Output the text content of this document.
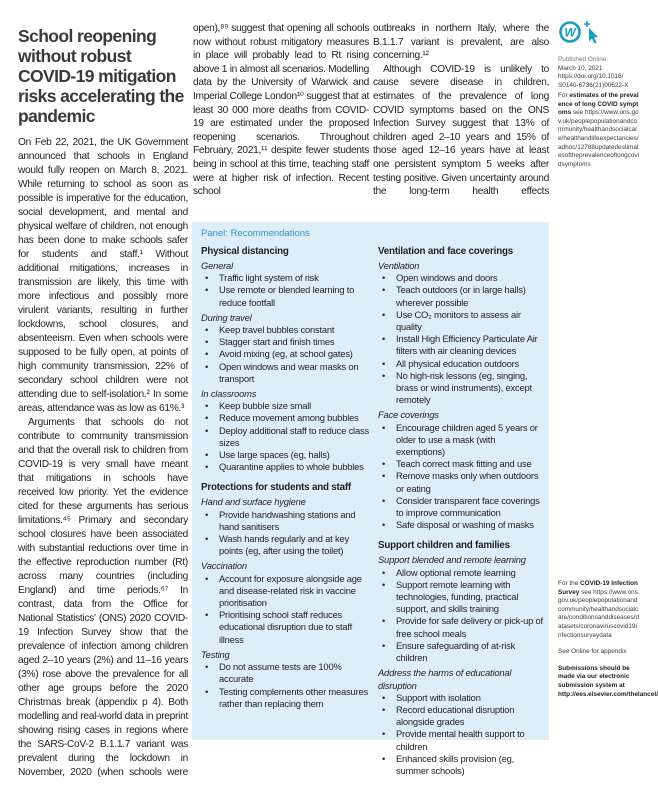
School reopening without robust COVID-19 mitigation risks accelerating the pandemic

On Feb 22, 2021, the UK Government announced that schools in England would fully reopen on March 8, 2021. While returning to school as soon as possible is imperative for the education, social development, and mental and physical welfare of children, not enough has been done to make schools safer for students and staff.¹ Without additional mitigations, increases in transmission are likely, this time with more infectious and possibly more virulent variants, resulting in further lockdowns, school closures, and absenteeism. Even when schools were supposed to be fully open, at points of high community transmission, 22% of secondary school children were not attending due to self-isolation.² In some areas, attendance was as low as 61%.³

Arguments that schools do not contribute to community transmission and that the overall risk to children from COVID-19 is very small have meant that mitigations in schools have received low priority. Yet the evidence cited for these arguments has serious limitations.⁴⁵ Primary and secondary school closures have been associated with substantial reductions over time in the effective reproduction number (Rt) across many countries (including England) and time periods.⁶⁷ In contrast, data from the Office for National Statistics' (ONS) 2020 COVID-19 Infection Survey show that the prevalence of infection among children aged 2–10 years (2%) and 11–16 years (3%) rose above the prevalence for all other age groups before the 2020 Christmas break (appendix p 4). Both modelling and real-world data in preprint showing rising cases in regions where the SARS-CoV-2 B.1.1.7 variant was prevalent during the lockdown in November, 2020 (when schools were

open),⁸⁹ suggest that opening all schools now without robust mitigatory measures in place will probably lead to Rt rising above 1 in almost all scenarios. Modelling data by the University of Warwick and Imperial College London¹⁰ suggest that at least 30 000 more deaths from COVID-19 are estimated under the proposed reopening scenarios. Throughout February, 2021,¹¹ despite fewer students being in school at this time, teaching staff were at higher risk of infection. Recent school

outbreaks in northern Italy, where the B.1.1.7 variant is prevalent, are also concerning.¹²

Although COVID-19 is unlikely to cause severe disease in children, estimates of the prevalence of long COVID symptoms based on the ONS Infection Survey suggest that 13% of children aged 2–10 years and 15% of those aged 12–16 years have at least one persistent symptom 5 weeks after testing positive. Given uncertainty around the long-term health effects

Panel: Recommendations
Physical distancing
General
• Traffic light system of risk
• Use remote or blended learning to reduce footfall
During travel
• Keep travel bubbles constant
• Stagger start and finish times
• Avoid mixing (eg, at school gates)
• Open windows and wear masks on transport
In classrooms
• Keep bubble size small
• Reduce movement among bubbles
• Deploy additional staff to reduce class sizes
• Use large spaces (eg, halls)
• Quarantine applies to whole bubbles
Protections for students and staff
Hand and surface hygiene
• Provide handwashing stations and hand sanitisers
• Wash hands regularly and at key points (eg, after using the toilet)
Vaccination
• Account for exposure alongside age and disease-related risk in vaccine prioritisation
• Prioritising school staff reduces educational disruption due to staff illness
Testing
• Do not assume tests are 100% accurate
• Testing complements other measures rather than replacing them
Ventilation and face coverings
Ventilation
• Open windows and doors
• Teach outdoors (or in large halls) wherever possible
• Use CO₂ monitors to assess air quality
• Install High Efficiency Particulate Air filters with air cleaning devices
• All physical education outdoors
• No high-risk lessons (eg, singing, brass or wind instruments), except remotely
Face coverings
• Encourage children aged 5 years or older to use a mask (with exemptions)
• Teach correct mask fitting and use
• Remove masks only when outdoors or eating
• Consider transparent face coverings to improve communication
• Safe disposal or washing of masks
Support children and families
Support blended and remote learning
• Allow optional remote learning
• Support remote learning with technologies, funding, practical support, and skills training
• Provide for safe delivery or pick-up of free school meals
• Ensure safeguarding of at-risk children
Address the harms of educational disruption
• Support with isolation
• Record educational disruption alongside grades
• Provide mental health support to children
• Enhanced skills provision (eg, summer schools)
W
Published Online
March 10, 2021
https://doi.org/10.1016/ S0140-6736(21)00622-X
For estimates of the prevalence of long COVID symptoms see https://www.ons.gov.uk/peoplepopulationandcommunity/healthandsocialcare/healthandlifeexpectancies/adhoc/12788updatedestimatesoftheprevalenceoflongcovidsymptoms
For the COVID-19 Infection Survey see https://www.ons.gov.uk/peoplepopulationandcommunity/healthandsocialcare/conditionsanddiseases/datasets/coronaviruscovid19infectionsurveydata
See Online for appendix
Submissions should be made via our electronic submission system at http://ees.elsevier.com/thelancet/
